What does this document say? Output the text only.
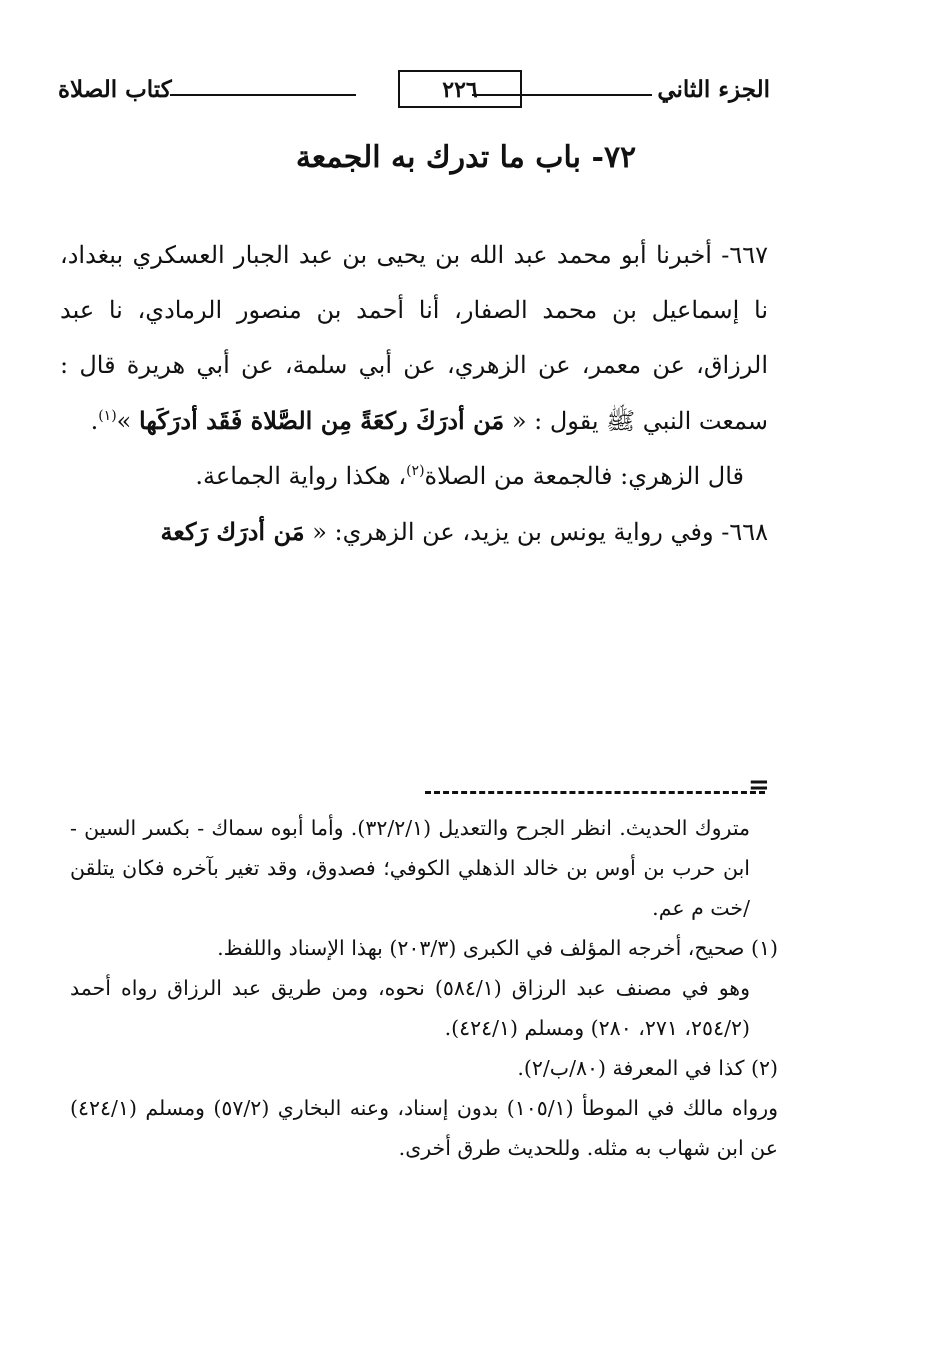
الجزء الثاني
٢٢٦
كتاب الصلاة
٧٢- باب ما تدرك به الجمعة

٦٦٧- أخبرنا أبو محمد عبد الله بن يحيى بن عبد الجبار العسكري ببغداد، نا إسماعيل بن محمد الصفار، أنا أحمد بن منصور الرمادي، نا عبد الرزاق، عن معمر، عن الزهري، عن أبي سلمة، عن أبي هريرة قال : سمعت النبي ﷺ يقول : « مَن أدرَكَ ركعَةً مِن الصَّلاة فَقَد أدرَكَها »$^{(١)}$.

 قال الزهري: فالجمعة من الصلاة$^{(٢)}$، هكذا رواية الجماعة.

٦٦٨- وفي رواية يونس بن يزيد، عن الزهري: « مَن أدرَك رَكعة

=

متروك الحديث. انظر الجرح والتعديل (٣٢/٢/١). وأما أبوه سماك - بكسر السين - ابن حرب بن أوس بن خالد الذهلي الكوفي؛ فصدوق، وقد تغير بآخره فكان يتلقن /خت م عم.

(١) صحيح، أخرجه المؤلف في الكبرى (٢٠٣/٣) بهذا الإسناد واللفظ.

وهو في مصنف عبد الرزاق (٥٨٤/١) نحوه، ومن طريق عبد الرزاق رواه أحمد (٢٥٤/٢، ٢٧١، ٢٨٠) ومسلم (٤٢٤/١).

(٢) كذا في المعرفة (٨٠/ب/٢).

ورواه مالك في الموطأ (١٠٥/١) بدون إسناد، وعنه البخاري (٥٧/٢) ومسلم (٤٢٤/١) عن ابن شهاب به مثله. وللحديث طرق أخرى.
